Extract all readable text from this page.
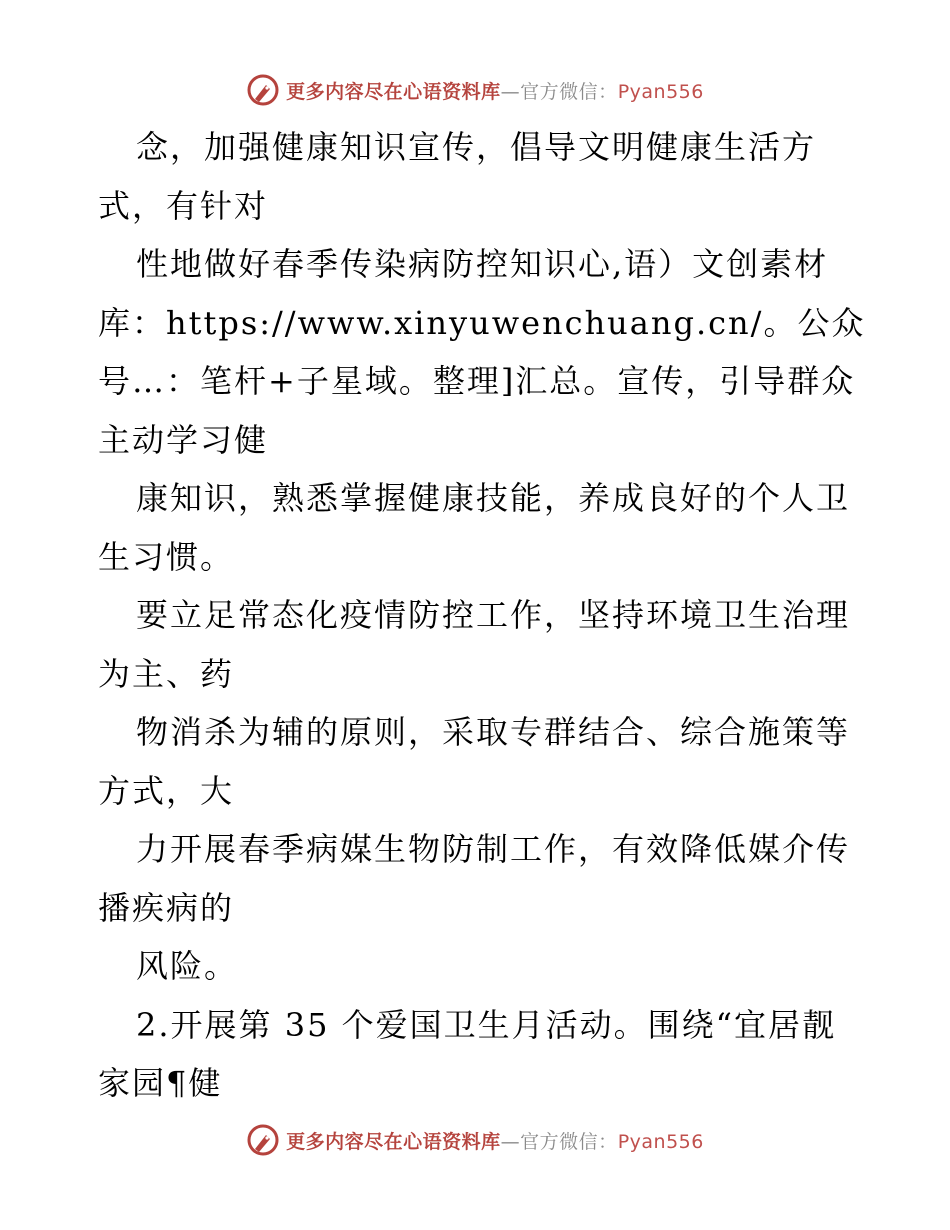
更多内容尽在心语资料库—官方微信：Pyan556
念，加强健康知识宣传，倡导文明健康生活方
式，有针对
性地做好春季传染病防控知识心,语）文创素材
库：https://www.xinyuwenchuang.cn/。公众
号…：笔杆+子星域。整理]汇总。宣传，引导群众
主动学习健
康知识，熟悉掌握健康技能，养成良好的个人卫
生习惯。
要立足常态化疫情防控工作，坚持环境卫生治理
为主、药
物消杀为辅的原则，采取专群结合、综合施策等
方式，大
力开展春季病媒生物防制工作，有效降低媒介传
播疾病的
风险。
2.开展第 35 个爱国卫生月活动。围绕“宜居靓
家园¶健
更多内容尽在心语资料库—官方微信：Pyan556
